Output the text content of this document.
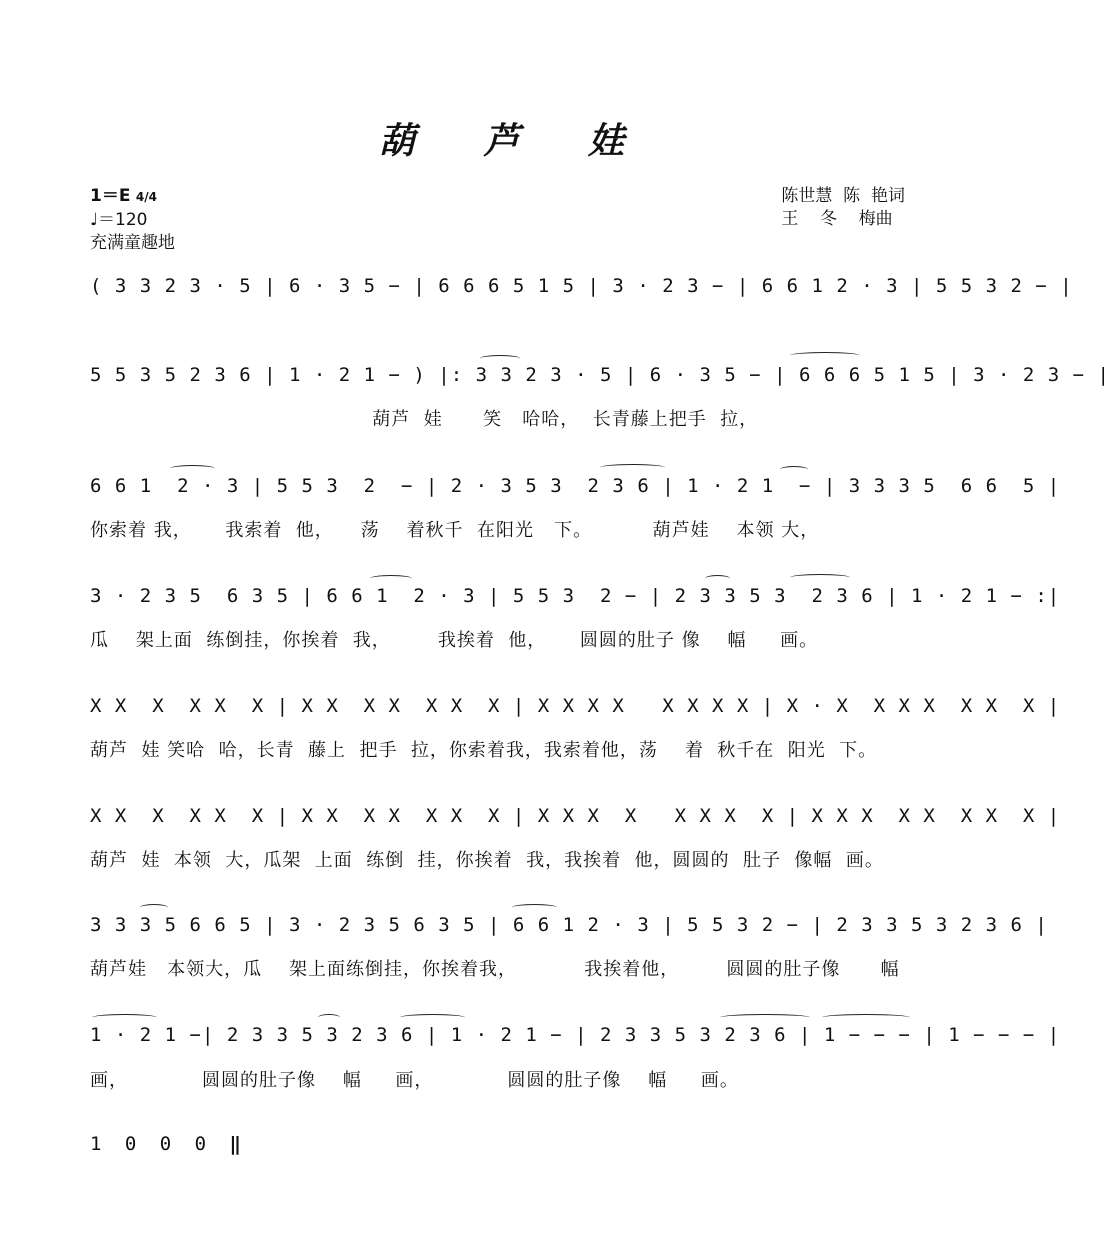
葫 芦 娃
1＝E 4/4
♩＝120
充满童趣地
陈世慧  陈  艳词
王    冬    梅曲
( 3 3 2 3 · 5 | 6 · 3 5 − | 6 6 6 5 1 5 | 3 · 2 3 − | 6 6 1 2 · 3 | 5 5 3 2 − |
5 5 3 5 2 3 6 | 1 · 2 1 − ) |: 3 3 2 3 · 5 | 6 · 3 5 − | 6 6 6 5 1 5 | 3 · 2 3 − |
葫芦  娃      笑   哈哈，  长青藤上把手  拉，
6 6 1  2 · 3 | 5 5 3  2  − | 2 · 3 5 3  2 3 6 | 1 · 2 1  − | 3 3 3 5  6 6  5 |
你索着 我，     我索着  他，    荡    着秋千  在阳光   下。         葫芦娃    本领 大，
3 · 2 3 5  6 3 5 | 6 6 1  2 · 3 | 5 5 3  2 − | 2 3 3 5 3  2 3 6 | 1 · 2 1 − :|
瓜    架上面  练倒挂，你挨着  我，       我挨着  他，     圆圆的肚子 像    幅     画。
X X  X  X X  X | X X  X X  X X  X | X X X X   X X X X | X · X  X X X  X X  X |
葫芦  娃 笑哈  哈，长青  藤上  把手  拉，你索着我，我索着他，荡    着  秋千在  阳光  下。
X X  X  X X  X | X X  X X  X X  X | X X X  X   X X X  X | X X X  X X  X X  X |
葫芦  娃  本领  大，瓜架  上面  练倒  挂，你挨着  我，我挨着  他，圆圆的  肚子  像幅  画。
3 3 3 5 6 6 5 | 3 · 2 3 5 6 3 5 | 6 6 1 2 · 3 | 5 5 3 2 − | 2 3 3 5 3 2 3 6 |
葫芦娃   本领大，瓜    架上面练倒挂，你挨着我，          我挨着他，       圆圆的肚子像      幅
1 · 2 1 −| 2 3 3 5 3 2 3 6 | 1 · 2 1 − | 2 3 3 5 3 2 3 6 | 1 − − − | 1 − − − |
画，           圆圆的肚子像    幅     画，           圆圆的肚子像    幅     画。
1 0 0 0 ‖
